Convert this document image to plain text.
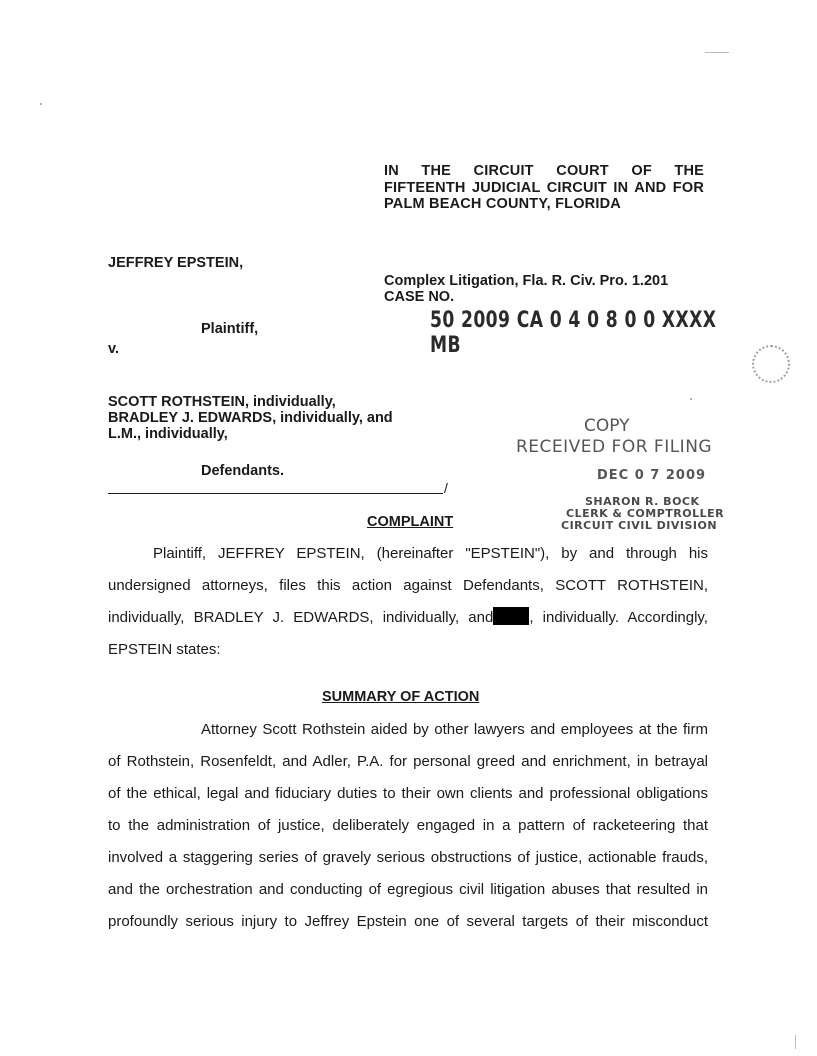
IN THE CIRCUIT COURT OF THE
FIFTEENTH JUDICIAL CIRCUIT IN AND FOR
PALM BEACH COUNTY, FLORIDA
JEFFREY EPSTEIN,
Plaintiff,
v.
Complex Litigation, Fla. R. Civ. Pro. 1.201
CASE NO.
50 2009 CA 0 4 0 8 0 0 XXXX MB
SCOTT ROTHSTEIN, individually,
BRADLEY J. EDWARDS, individually, and
L.M., individually,
Defendants.
/
COPY
RECEIVED FOR FILING
DEC 0 7 2009
SHARON R. BOCK
CLERK & COMPTROLLER
CIRCUIT CIVIL DIVISION
COMPLAINT
Plaintiff, JEFFREY EPSTEIN, (hereinafter "EPSTEIN"), by and through his
undersigned attorneys, files this action against Defendants, SCOTT ROTHSTEIN,
individually, BRADLEY J. EDWARDS, individually, and , individually. Accordingly,
EPSTEIN states:
SUMMARY OF ACTION
Attorney Scott Rothstein aided by other lawyers and employees at the firm
of Rothstein, Rosenfeldt, and Adler, P.A. for personal greed and enrichment, in betrayal
of the ethical, legal and fiduciary duties to their own clients and professional obligations
to the administration of justice, deliberately engaged in a pattern of racketeering that
involved a staggering series of gravely serious obstructions of justice, actionable frauds,
and the orchestration and conducting of egregious civil litigation abuses that resulted in
profoundly serious injury to Jeffrey Epstein one of several targets of their misconduct
